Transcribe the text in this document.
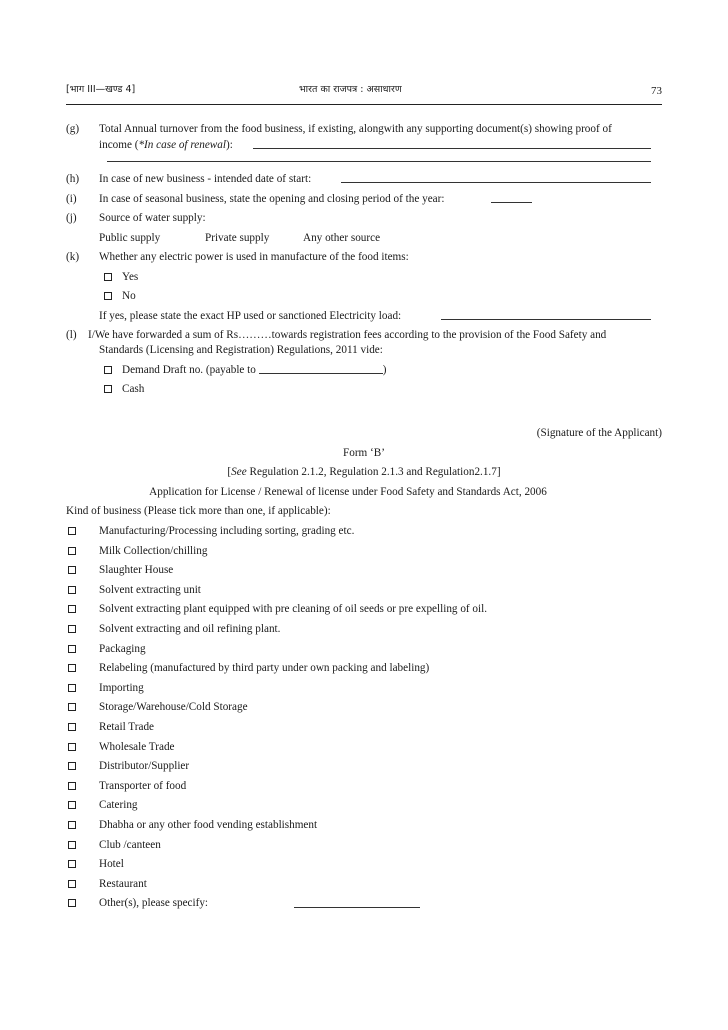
[भाग III—खण्ड 4]	भारत का राजपत्र : असाधारण	73
(g) Total Annual turnover from the food business, if existing, alongwith any supporting document(s) showing proof of
income (*In case of renewal):
(h) In case of new business - intended date of start:
(i) In case of seasonal business, state the opening and closing period of the year:
(j) Source of water supply:
Public supply	Private supply	Any other source
(k) Whether any electric power is used in manufacture of the food items:
Yes
No
If yes, please state the exact HP used or sanctioned Electricity load:
(l) I/We have forwarded a sum of Rs………towards registration fees according to the provision of the Food Safety and
Standards (Licensing and Registration) Regulations, 2011 vide:
Demand Draft no. (payable to	)
Cash
(Signature of the Applicant)
Form ‘B’
[See Regulation 2.1.2, Regulation 2.1.3 and Regulation2.1.7]
Application for License / Renewal of license under Food Safety and Standards Act, 2006
Kind of business (Please tick more than one, if applicable):
Manufacturing/Processing including sorting, grading etc.
Milk Collection/chilling
Slaughter House
Solvent extracting unit
Solvent extracting plant equipped with pre cleaning of oil seeds or pre expelling of oil.
Solvent extracting and oil refining plant.
Packaging
Relabeling (manufactured by third party under own packing and labeling)
Importing
Storage/Warehouse/Cold Storage
Retail Trade
Wholesale Trade
Distributor/Supplier
Transporter of food
Catering
Dhabha or any other food vending establishment
Club /canteen
Hotel
Restaurant
Other(s), please specify:
